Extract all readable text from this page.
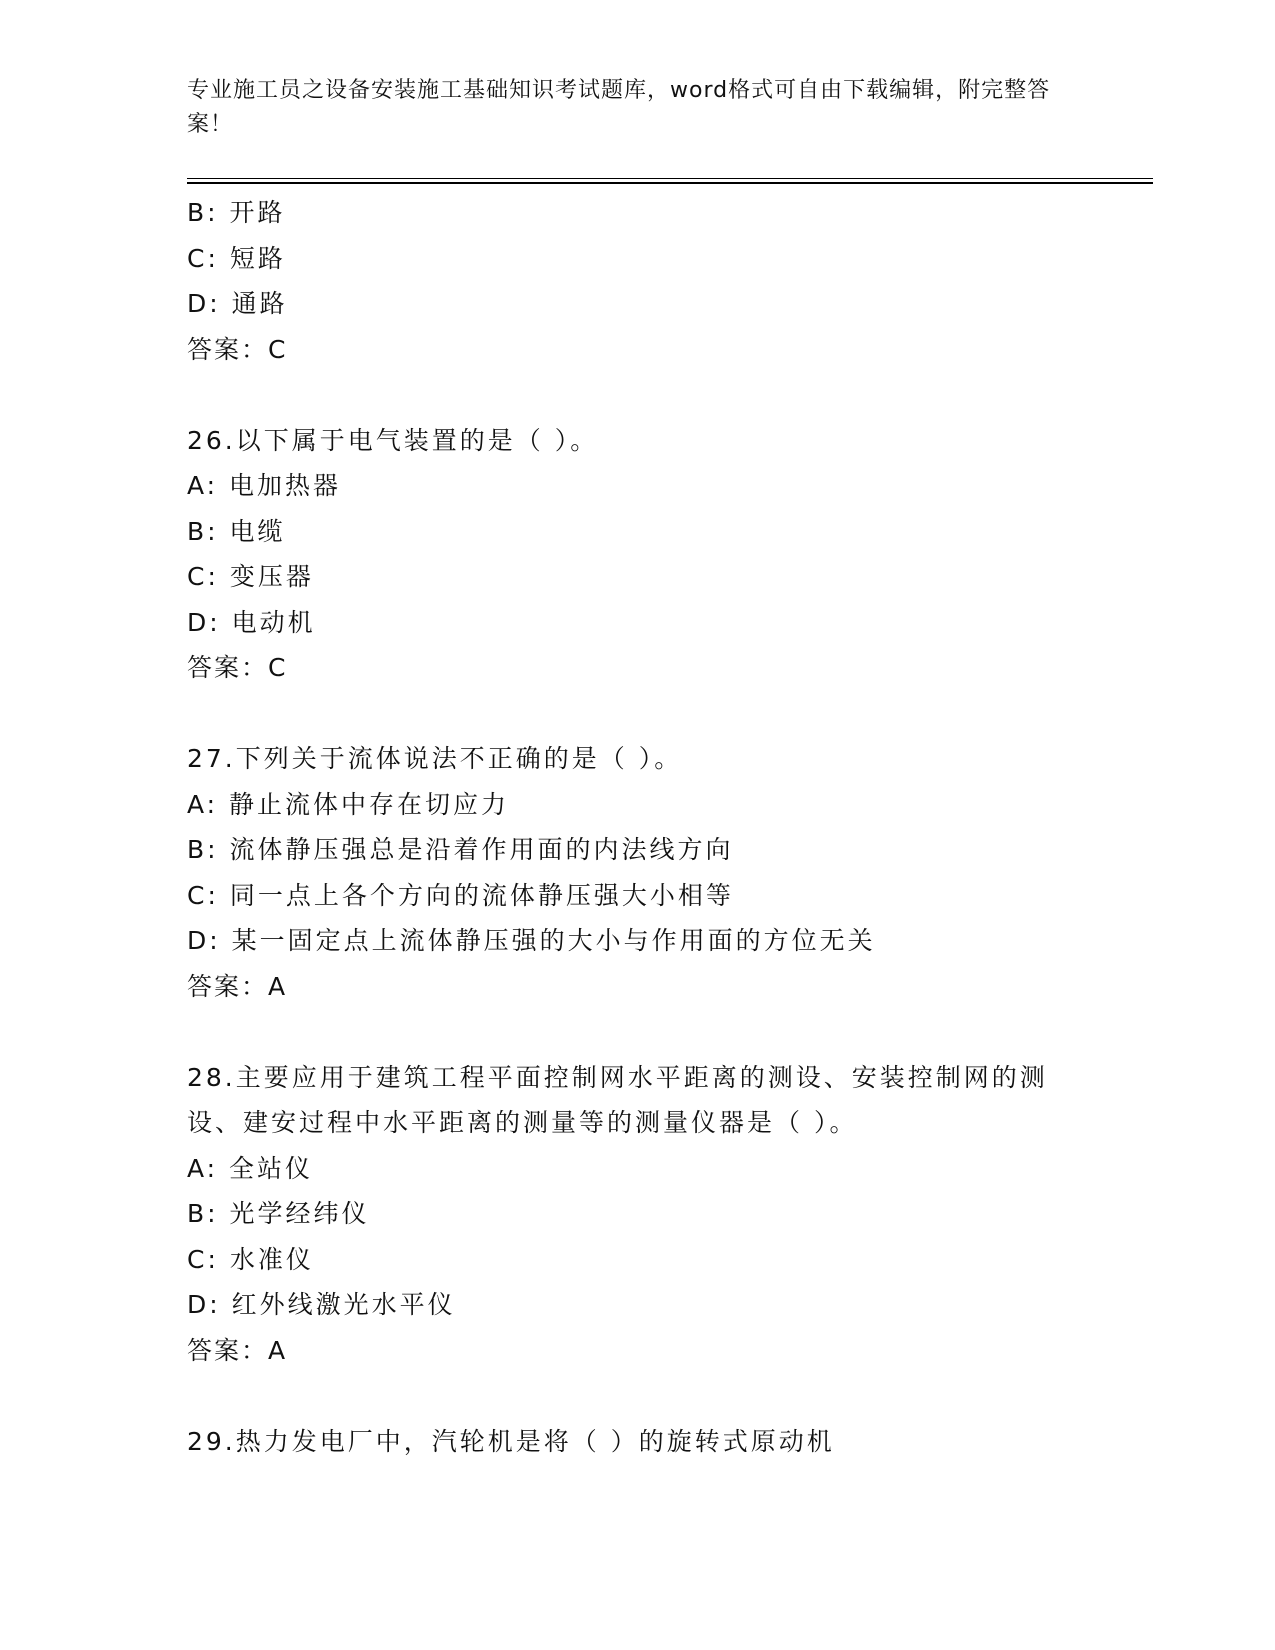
专业施工员之设备安装施工基础知识考试题库，word格式可自由下载编辑，附完整答案！
B: 开路
C: 短路
D: 通路
答案：C
26.以下属于电气装置的是（ ）。
A: 电加热器
B: 电缆
C: 变压器
D: 电动机
答案：C
27.下列关于流体说法不正确的是（ ）。
A: 静止流体中存在切应力
B: 流体静压强总是沿着作用面的内法线方向
C: 同一点上各个方向的流体静压强大小相等
D: 某一固定点上流体静压强的大小与作用面的方位无关
答案：A
28.主要应用于建筑工程平面控制网水平距离的测设、安装控制网的测
设、建安过程中水平距离的测量等的测量仪器是（ ）。
A: 全站仪
B: 光学经纬仪
C: 水准仪
D: 红外线激光水平仪
答案：A
29.热力发电厂中，汽轮机是将（ ）的旋转式原动机
